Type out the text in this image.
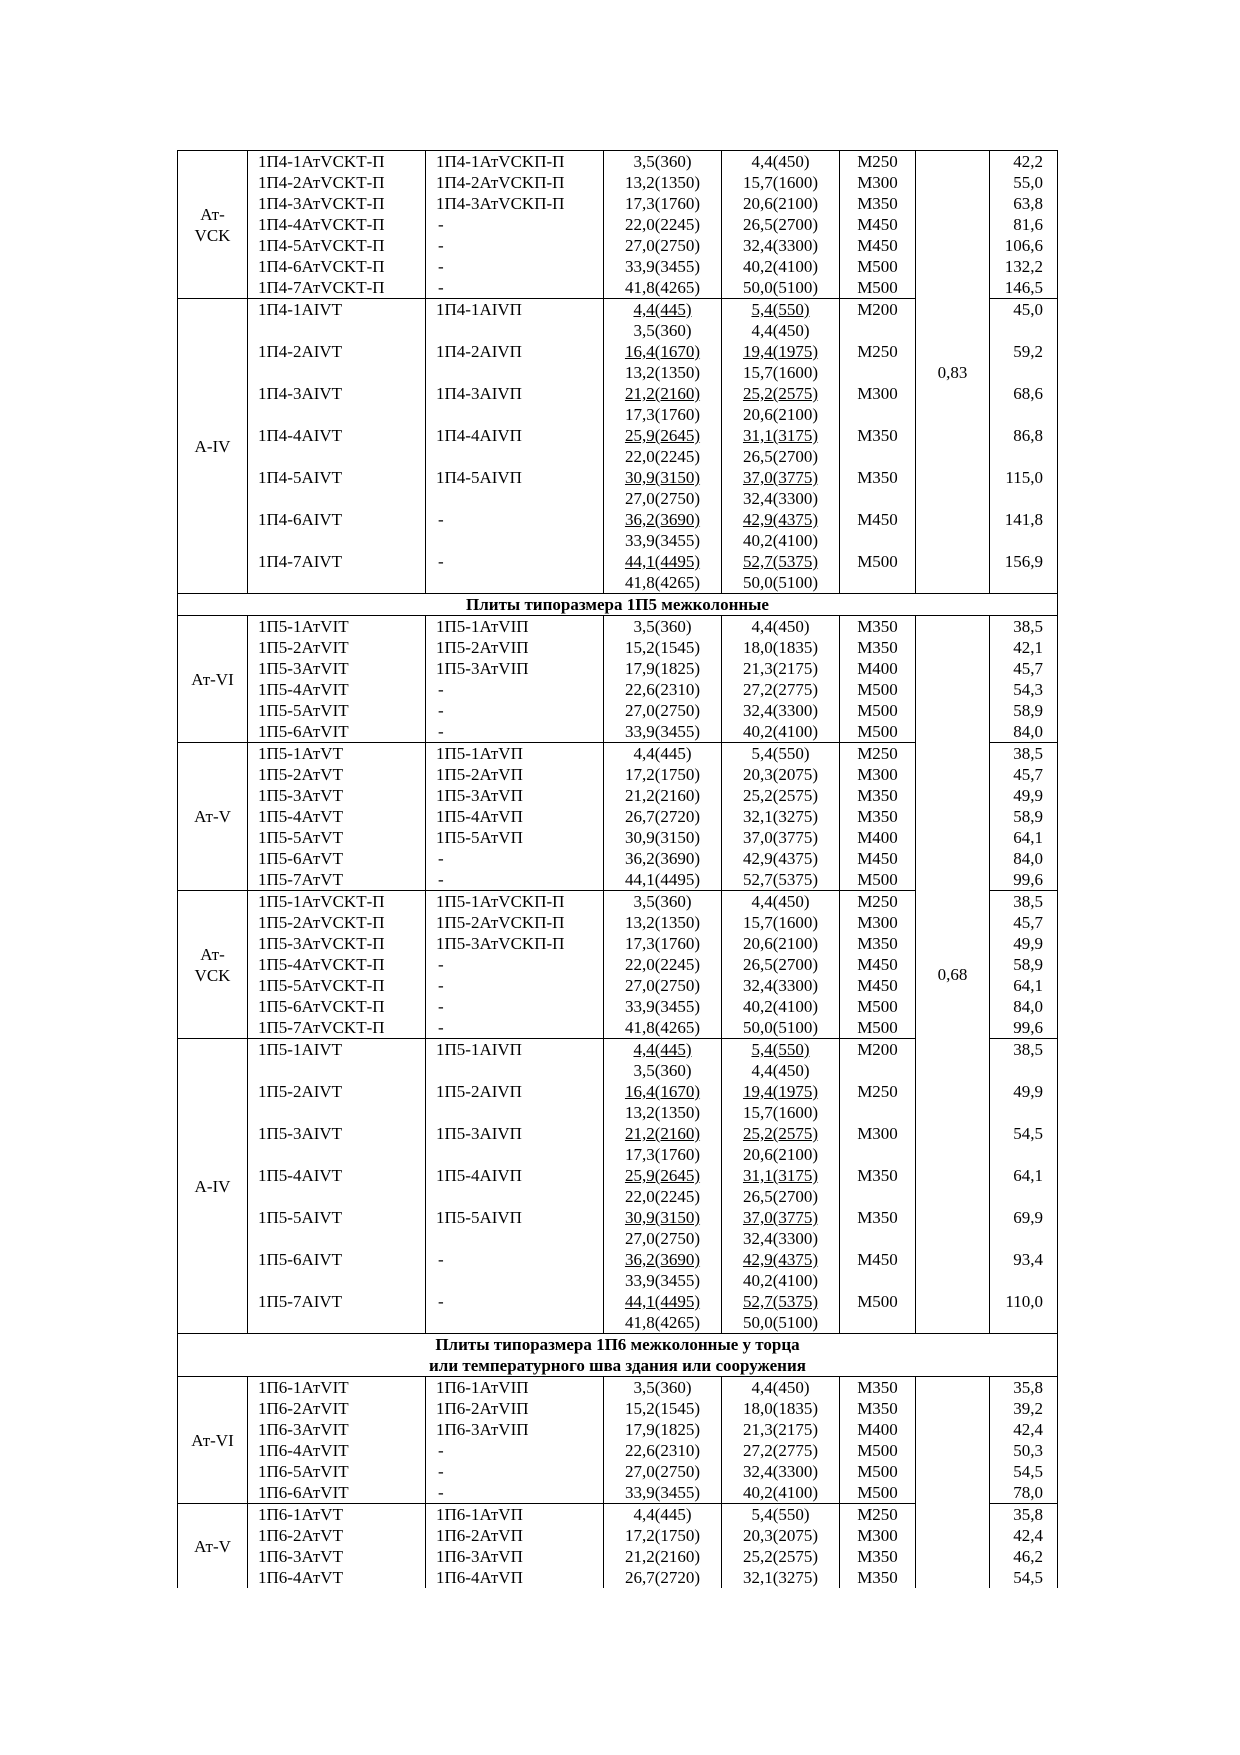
Ат-
VCK	1П4-1АтVCKТ-П	1П4-1АтVCKП-П	3,5(360)	4,4(450)	М250	0,83	42,2
	1П4-2АтVCKТ-П	1П4-2АтVCKП-П	13,2(1350)	15,7(1600)	М300		55,0
	1П4-3АтVCKТ-П	1П4-3АтVCKП-П	17,3(1760)	20,6(2100)	М350		63,8
	1П4-4АтVCKТ-П	-	22,0(2245)	26,5(2700)	М450		81,6
	1П4-5АтVCKТ-П	-	27,0(2750)	32,4(3300)	М450		106,6
	1П4-6АтVCKТ-П	-	33,9(3455)	40,2(4100)	М500		132,2
	1П4-7АтVCKТ-П	-	41,8(4265)	50,0(5100)	М500		146,5
A-IV	1П4-1AIVТ	1П4-1AIVП	4,4(445)	5,4(550)	М200		45,0
			3,5(360)	4,4(450)			
	1П4-2AIVТ	1П4-2AIVП	16,4(1670)	19,4(1975)	М250		59,2
			13,2(1350)	15,7(1600)			
	1П4-3AIVТ	1П4-3AIVП	21,2(2160)	25,2(2575)	М300		68,6
			17,3(1760)	20,6(2100)			
	1П4-4AIVТ	1П4-4AIVП	25,9(2645)	31,1(3175)	М350		86,8
			22,0(2245)	26,5(2700)			
	1П4-5AIVТ	1П4-5AIVП	30,9(3150)	37,0(3775)	М350		115,0
			27,0(2750)	32,4(3300)			
	1П4-6AIVТ	-	36,2(3690)	42,9(4375)	М450		141,8
			33,9(3455)	40,2(4100)			
	1П4-7AIVТ	-	44,1(4495)	52,7(5375)	М500		156,9
			41,8(4265)	50,0(5100)			
Плиты типоразмера 1П5 межколонные							
Ат-VI	1П5-1АтVIТ	1П5-1АтVIП	3,5(360)	4,4(450)	М350	0,68	38,5
	1П5-2АтVIТ	1П5-2АтVIП	15,2(1545)	18,0(1835)	М350		42,1
	1П5-3АтVIТ	1П5-3АтVIП	17,9(1825)	21,3(2175)	М400		45,7
	1П5-4АтVIТ	-	22,6(2310)	27,2(2775)	М500		54,3
	1П5-5АтVIТ	-	27,0(2750)	32,4(3300)	М500		58,9
	1П5-6АтVIТ	-	33,9(3455)	40,2(4100)	М500		84,0
Ат-V	1П5-1АтVТ	1П5-1АтVП	4,4(445)	5,4(550)	М250		38,5
	1П5-2АтVТ	1П5-2АтVП	17,2(1750)	20,3(2075)	М300		45,7
	1П5-3АтVТ	1П5-3АтVП	21,2(2160)	25,2(2575)	М350		49,9
	1П5-4АтVТ	1П5-4АтVП	26,7(2720)	32,1(3275)	М350		58,9
	1П5-5АтVТ	1П5-5АтVП	30,9(3150)	37,0(3775)	М400		64,1
	1П5-6АтVТ	-	36,2(3690)	42,9(4375)	М450		84,0
	1П5-7АтVТ	-	44,1(4495)	52,7(5375)	М500		99,6
Ат-
VCK	1П5-1АтVCKТ-П	1П5-1АтVCKП-П	3,5(360)	4,4(450)	М250		38,5
	1П5-2АтVCKТ-П	1П5-2АтVCKП-П	13,2(1350)	15,7(1600)	М300		45,7
	1П5-3АтVCKТ-П	1П5-3АтVCKП-П	17,3(1760)	20,6(2100)	М350		49,9
	1П5-4АтVCKТ-П	-	22,0(2245)	26,5(2700)	М450		58,9
	1П5-5АтVCKТ-П	-	27,0(2750)	32,4(3300)	М450		64,1
	1П5-6АтVCKТ-П	-	33,9(3455)	40,2(4100)	М500		84,0
	1П5-7АтVCKТ-П	-	41,8(4265)	50,0(5100)	М500		99,6
A-IV	1П5-1AIVТ	1П5-1AIVП	4,4(445)	5,4(550)	М200		38,5
			3,5(360)	4,4(450)			
	1П5-2AIVТ	1П5-2AIVП	16,4(1670)	19,4(1975)	М250		49,9
			13,2(1350)	15,7(1600)			
	1П5-3AIVТ	1П5-3AIVП	21,2(2160)	25,2(2575)	М300		54,5
			17,3(1760)	20,6(2100)			
	1П5-4AIVТ	1П5-4AIVП	25,9(2645)	31,1(3175)	М350		64,1
			22,0(2245)	26,5(2700)			
	1П5-5AIVТ	1П5-5AIVП	30,9(3150)	37,0(3775)	М350		69,9
			27,0(2750)	32,4(3300)			
	1П5-6AIVТ	-	36,2(3690)	42,9(4375)	М450		93,4
			33,9(3455)	40,2(4100)			
	1П5-7AIVТ	-	44,1(4495)	52,7(5375)	М500		110,0
			41,8(4265)	50,0(5100)			
Плиты типоразмера 1П6 межколонные у торца							
или температурного шва здания или сооружения							
Ат-VI	1П6-1АтVIТ	1П6-1АтVIП	3,5(360)	4,4(450)	М350		35,8
	1П6-2АтVIТ	1П6-2АтVIП	15,2(1545)	18,0(1835)	М350		39,2
	1П6-3АтVIТ	1П6-3АтVIП	17,9(1825)	21,3(2175)	М400		42,4
	1П6-4АтVIТ	-	22,6(2310)	27,2(2775)	М500		50,3
	1П6-5АтVIТ	-	27,0(2750)	32,4(3300)	М500		54,5
	1П6-6АтVIТ	-	33,9(3455)	40,2(4100)	М500		78,0
Ат-V	1П6-1АтVТ	1П6-1АтVП	4,4(445)	5,4(550)	М250		35,8
	1П6-2АтVТ	1П6-2АтVП	17,2(1750)	20,3(2075)	М300		42,4
	1П6-3АтVТ	1П6-3АтVП	21,2(2160)	25,2(2575)	М350		46,2
	1П6-4АтVТ	1П6-4АтVП	26,7(2720)	32,1(3275)	М350		54,5
